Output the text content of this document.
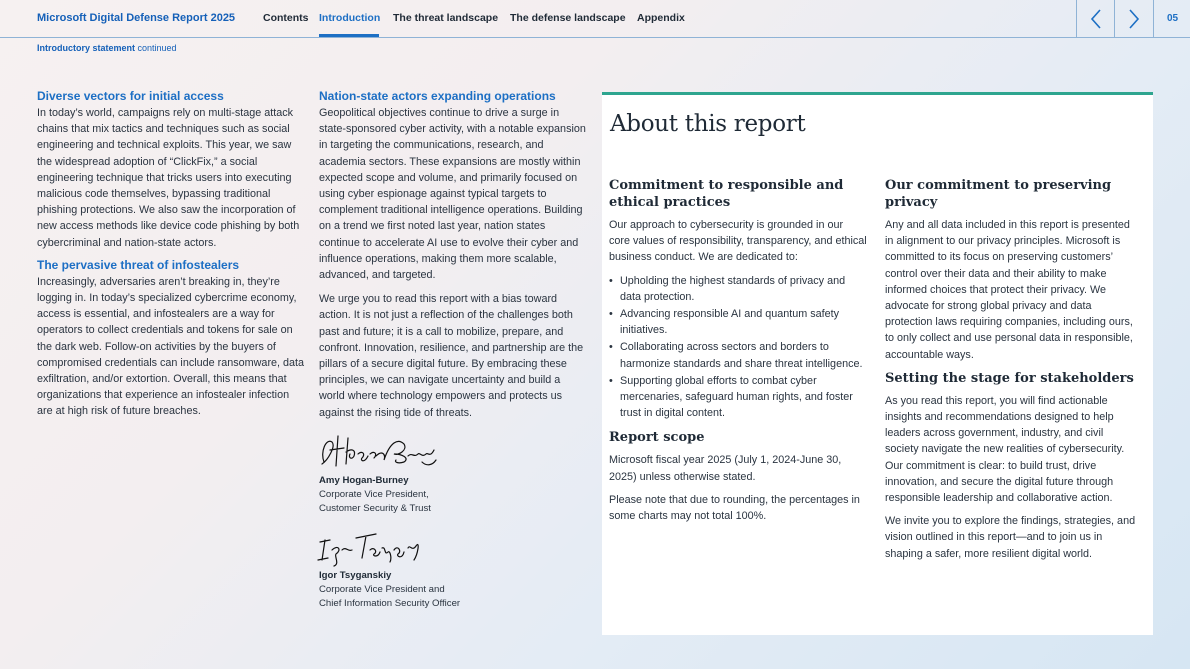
Microsoft Digital Defense Report 2025	Contents Introduction The threat landscape The defense landscape Appendix	05
Introductory statement continued
Diverse vectors for initial access

In today’s world, campaigns rely on multi-stage attack chains that mix tactics and techniques such as social engineering and technical exploits. This year, we saw the widespread adoption of “ClickFix,” a social engineering technique that tricks users into executing malicious code themselves, bypassing traditional phishing protections. We also saw the incorporation of new access methods like device code phishing by both cybercriminal and nation-state actors.

The pervasive threat of infostealers

Increasingly, adversaries aren’t breaking in, they’re logging in. In today’s specialized cybercrime economy, access is essential, and infostealers are a way for operators to collect credentials and tokens for sale on the dark web. Follow-on activities by the buyers of compromised credentials can include ransomware, data exfiltration, and/or extortion. Overall, this means that organizations that experience an infostealer infection are at high risk of future breaches.

Nation-state actors expanding operations

Geopolitical objectives continue to drive a surge in state-sponsored cyber activity, with a notable expansion in targeting the communications, research, and academia sectors. These expansions are mostly within expected scope and volume, and primarily focused on using cyber espionage against typical targets to complement traditional intelligence operations. Building on a trend we first noted last year, nation states continue to accelerate AI use to evolve their cyber and influence operations, making them more scalable, advanced, and targeted.

We urge you to read this report with a bias toward action. It is not just a reflection of the challenges both past and future; it is a call to mobilize, prepare, and confront. Innovation, resilience, and partnership are the pillars of a secure digital future. By embracing these principles, we can navigate uncertainty and build a world where technology empowers and protects us against the rising tide of threats.

Amy Hogan-Burney
Corporate Vice President,
Customer Security & Trust
Igor Tsyganskiy
Corporate Vice President and
Chief Information Security Officer
About this report
Commitment to responsible and ethical practices

Our approach to cybersecurity is grounded in our core values of responsibility, transparency, and ethical business conduct. We are dedicated to:

• Upholding the highest standards of privacy and data protection.
• Advancing responsible AI and quantum safety initiatives.
• Collaborating across sectors and borders to harmonize standards and share threat intelligence.
• Supporting global efforts to combat cyber mercenaries, safeguard human rights, and foster trust in digital content.
Report scope

Microsoft fiscal year 2025 (July 1, 2024-June 30, 2025) unless otherwise stated.

Please note that due to rounding, the percentages in some charts may not total 100%.

Our commitment to preserving privacy

Any and all data included in this report is presented in alignment to our privacy principles. Microsoft is committed to its focus on preserving customers’ control over their data and their ability to make informed choices that protect their privacy. We advocate for strong global privacy and data protection laws requiring companies, including ours, to only collect and use personal data in responsible, accountable ways.

Setting the stage for stakeholders

As you read this report, you will find actionable insights and recommendations designed to help leaders across government, industry, and civil society navigate the new realities of cybersecurity. Our commitment is clear: to build trust, drive innovation, and secure the digital future through responsible leadership and collaborative action.

We invite you to explore the findings, strategies, and vision outlined in this report—and to join us in shaping a safer, more resilient digital world.
